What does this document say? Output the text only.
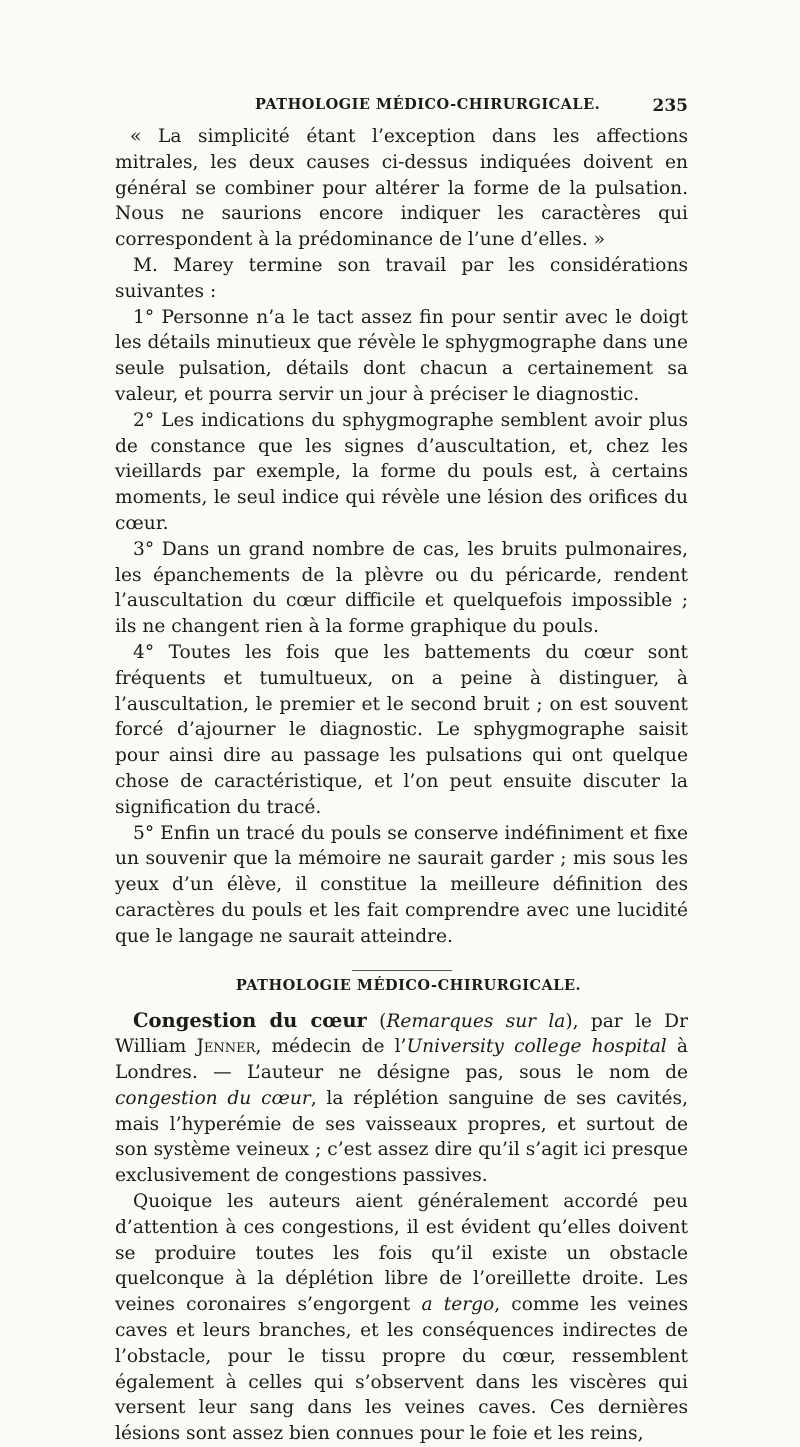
PATHOLOGIE MÉDICO-CHIRURGICALE.	235

« La simplicité étant l’exception dans les affections mitrales, les deux causes ci-dessus indiquées doivent en général se combiner pour altérer la forme de la pulsation. Nous ne saurions encore indiquer les caractères qui correspondent à la prédominance de l’une d’elles. »

M. Marey termine son travail par les considérations suivantes :

1° Personne n’a le tact assez fin pour sentir avec le doigt les détails minutieux que révèle le sphygmographe dans une seule pulsation, détails dont chacun a certainement sa valeur, et pourra servir un jour à préciser le diagnostic.

2° Les indications du sphygmographe semblent avoir plus de constance que les signes d’auscultation, et, chez les vieillards par exemple, la forme du pouls est, à certains moments, le seul indice qui révèle une lésion des orifices du cœur.

3° Dans un grand nombre de cas, les bruits pulmonaires, les épanchements de la plèvre ou du péricarde, rendent l’auscultation du cœur difficile et quelquefois impossible ; ils ne changent rien à la forme graphique du pouls.

4° Toutes les fois que les battements du cœur sont fréquents et tumultueux, on a peine à distinguer, à l’auscultation, le premier et le second bruit ; on est souvent forcé d’ajourner le diagnostic. Le sphygmographe saisit pour ainsi dire au passage les pulsations qui ont quelque chose de caractéristique, et l’on peut ensuite discuter la signification du tracé.

5° Enfin un tracé du pouls se conserve indéfiniment et fixe un souvenir que la mémoire ne saurait garder ; mis sous les yeux d’un élève, il constitue la meilleure définition des caractères du pouls et les fait comprendre avec une lucidité que le langage ne saurait atteindre.

PATHOLOGIE MÉDICO-CHIRURGICALE.

Congestion du cœur (Remarques sur la), par le Dr William Jenner, médecin de l’University college hospital à Londres. — L’auteur ne désigne pas, sous le nom de congestion du cœur, la réplétion sanguine de ses cavités, mais l’hyperémie de ses vaisseaux propres, et surtout de son système veineux ; c’est assez dire qu’il s’agit ici presque exclusivement de congestions passives.

Quoique les auteurs aient généralement accordé peu d’attention à ces congestions, il est évident qu’elles doivent se produire toutes les fois qu’il existe un obstacle quelconque à la déplétion libre de l’oreillette droite. Les veines coronaires s’engorgent a tergo, comme les veines caves et leurs branches, et les conséquences indirectes de l’obstacle, pour le tissu propre du cœur, ressemblent également à celles qui s’observent dans les viscères qui versent leur sang dans les veines caves. Ces dernières lésions sont assez bien connues pour le foie et les reins,
